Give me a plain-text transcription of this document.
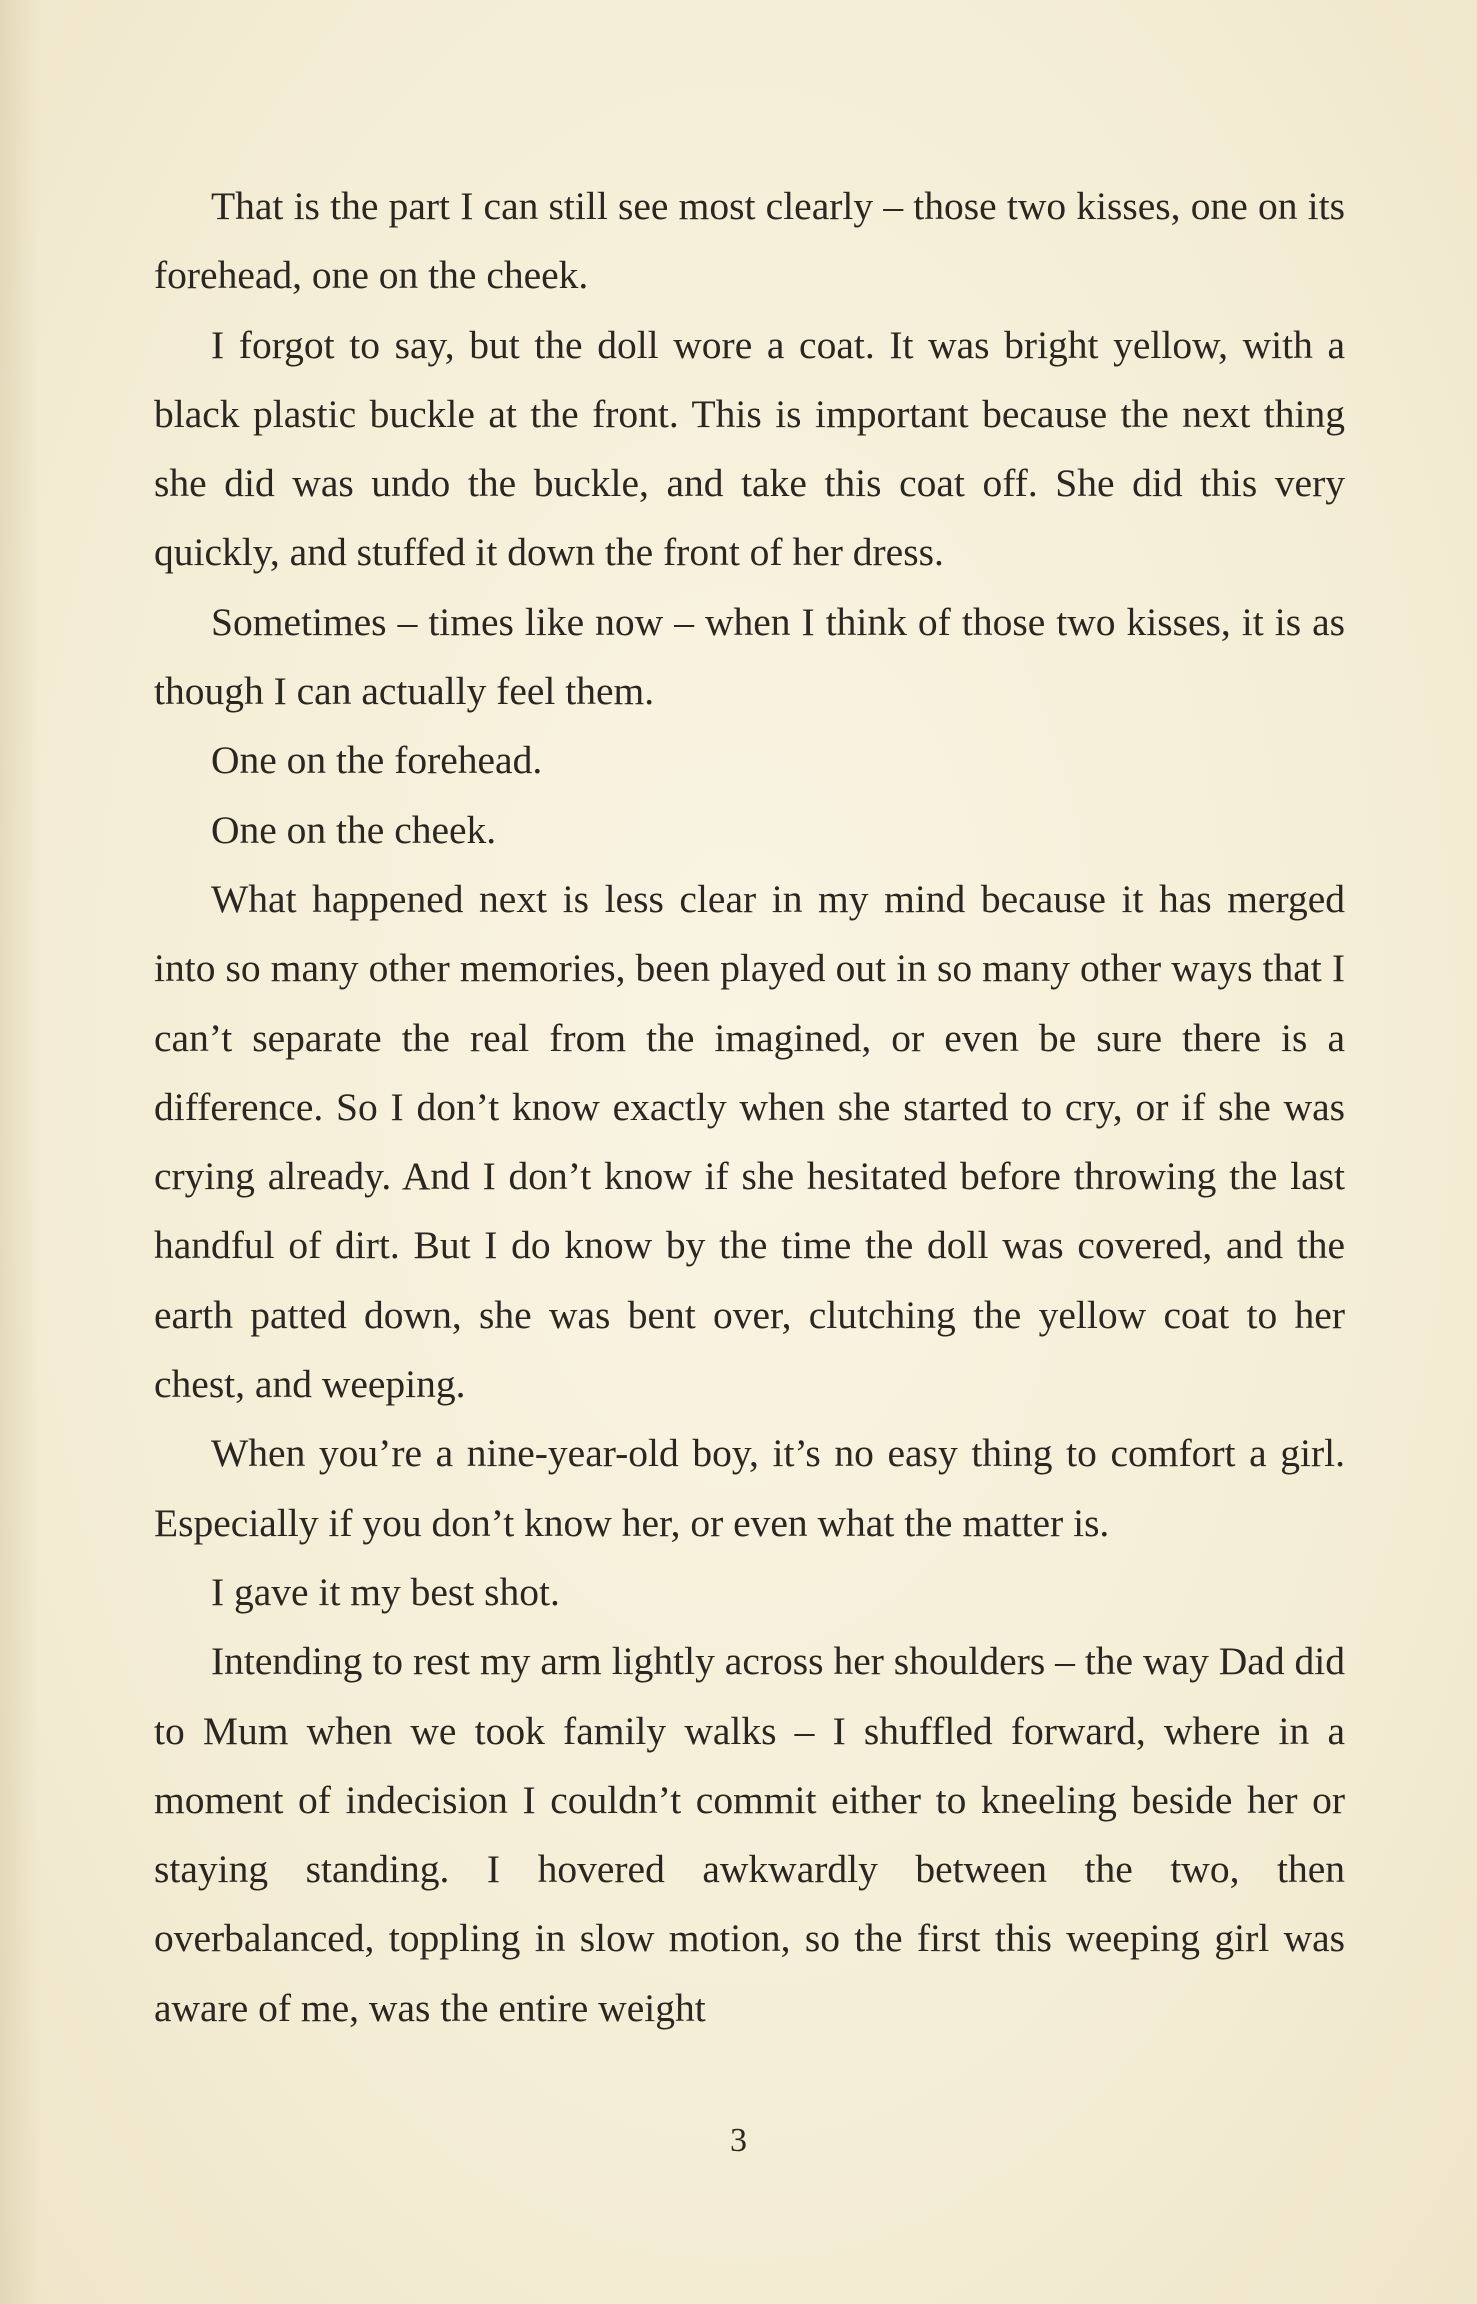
That is the part I can still see most clearly – those two kisses, one on its forehead, one on the cheek.

I forgot to say, but the doll wore a coat. It was bright yellow, with a black plastic buckle at the front. This is important because the next thing she did was undo the buckle, and take this coat off. She did this very quickly, and stuffed it down the front of her dress.

Sometimes – times like now – when I think of those two kisses, it is as though I can actually feel them.

One on the forehead.

One on the cheek.

What happened next is less clear in my mind because it has merged into so many other memories, been played out in so many other ways that I can’t separate the real from the imagined, or even be sure there is a difference. So I don’t know exactly when she started to cry, or if she was crying already. And I don’t know if she hesitated before throwing the last handful of dirt. But I do know by the time the doll was covered, and the earth patted down, she was bent over, clutching the yellow coat to her chest, and weeping.

When you’re a nine-year-old boy, it’s no easy thing to comfort a girl. Especially if you don’t know her, or even what the matter is.

I gave it my best shot.

Intending to rest my arm lightly across her shoulders – the way Dad did to Mum when we took family walks – I shuffled forward, where in a moment of indecision I couldn’t commit either to kneeling beside her or staying standing. I hovered awkwardly between the two, then overbalanced, toppling in slow motion, so the first this weeping girl was aware of me, was the entire weight

3
